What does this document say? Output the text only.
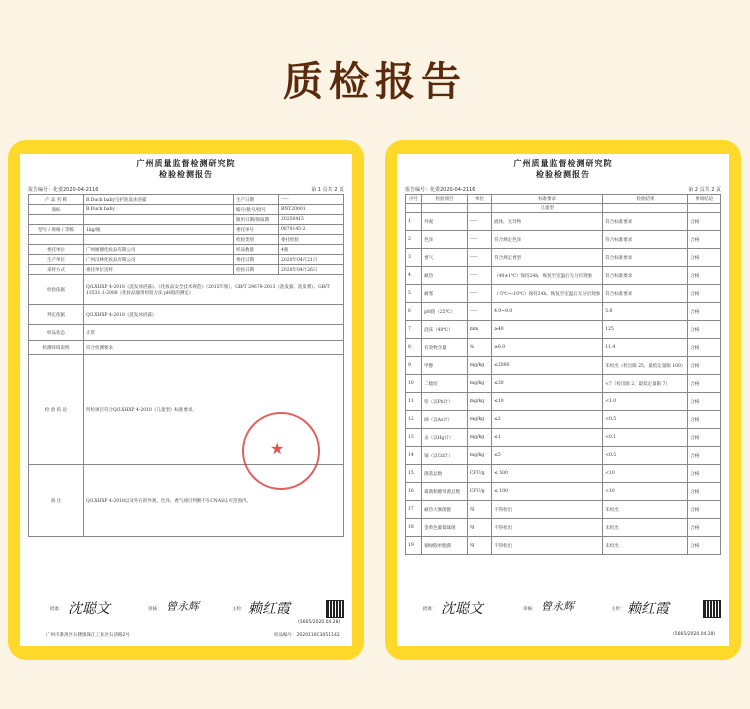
质检报告
广州质量监督检测研究院
检验检测报告
报告编号：化委2020-04-2116	第 1 页共 2 页
产 品 名 称	B.Duck baby宝护洗发沐浴露	生产日期	-----
商标	B.Duck baby	编号/批号/批号	BNT20001
		限用日期/保质期	20250415
型号 / 规格 / 等级	1kg/瓶	委托单号	0870145-2
		检验类别	委托检验
委托单位	广州丽塘化妆品有限公司	样品数量	4瓶
生产单位	广州汉林化妆品有限公司	委托日期	2020年04月21日
采样方式	委托单位送样	检验日期	2020年04月26日
检验依据	Q/LXHXP 4-2018《洗发沐浴露》、《化妆品安全技术规范》（2015年版）、GB/T 29679-2013《洗发露、洗发膏》、GB/T 13531.1-2008《化妆品通用检验方法 pH值的测定》		
判定依据	Q/LXHXP 4-2018《洗发沐浴露》		
样品状态	正常		
检测环境说明	符合检测要求		
检 验 结 论	所检项目符合Q/LXHXP 4-2018《儿童型》标准要求。		
备 注	Q/LXHXP 4-2018以及外在的外观、色泽、香气项目判断不在CNAS认可范围内。		
★
批准： 沈聪文	审核： 曾永辉	主检： 赖红霞
(5665/2020.04.28)
广州市番禺区石楼镇珠江工业区石清路2号	样品编号：2020110C3051142
广州质量监督检测研究院
检验检测报告
报告编号：化委2020-04-2116	第 2 页共 2 页
序号	检验项目	单位	标准要求	检验结果	单项结论
			儿童型		
1	外观	-----	液体，无异物	符合标准要求	合格
2	色泽	-----	符合规定色泽	符合标准要求	合格
3	香气	-----	符合规定香型	符合标准要求	合格
4	耐热	-----	（40±1℃）保持24h，恢复至室温后无分层现象	符合标准要求	合格
5	耐寒	-----	（-5℃~-10℃）保持24h，恢复至室温后无分层现象	符合标准要求	合格
6	pH值（25℃）	-----	4.0~8.0	5.8	合格
7	泡沫（40℃）	mm	≥40	125	合格
8	有效物含量	%	≥6.0	11.4	合格
9	甲醇	mg/kg	≤2000	未检出（检出限 25，最低定量限 100）	合格
10	二噁烷	mg/kg	≤30	<7（检出限 2，最低定量限 7）	合格
11	铅（以Pb计）	mg/kg	≤10	<1.0	合格
12	砷（以As计）	mg/kg	≤2	<0.5	合格
13	汞（以Hg计）	mg/kg	≤1	<0.1	合格
14	镉（以Cd计）	mg/kg	≤5	<0.5	合格
15	菌落总数	CFU/g	≤ 500	<10	合格
16	霉菌和酵母菌总数	CFU/g	≤ 100	<10	合格
17	耐热大肠菌群	/g	不得检出	未检出	合格
18	金黄色葡萄球菌	/g	不得检出	未检出	合格
19	铜绿假单胞菌	/g	不得检出	未检出	合格
批准： 沈聪文	审核： 曾永辉	主检： 赖红霞
(5665/2020.04.28)
